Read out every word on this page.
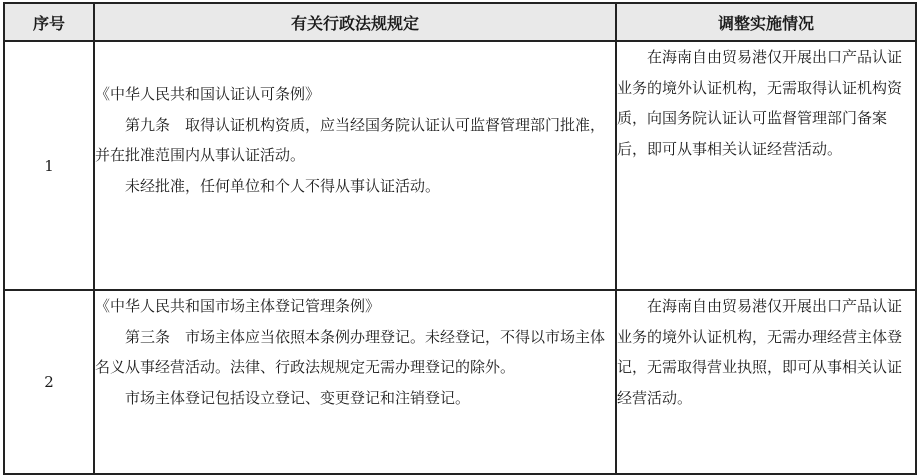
序号	有关行政法规规定	调整实施情况
1	《中华人民共和国认证认可条例》

第九条　取得认证机构资质，应当经国务院认证认可监督管理部门批准，并在批准范围内从事认证活动。

未经批准，任何单位和个人不得从事认证活动。	在海南自由贸易港仅开展出口产品认证业务的境外认证机构，无需取得认证机构资质，向国务院认证认可监督管理部门备案后，即可从事相关认证经营活动。

2	《中华人民共和国市场主体登记管理条例》

第三条　市场主体应当依照本条例办理登记。未经登记，不得以市场主体名义从事经营活动。法律、行政法规规定无需办理登记的除外。

市场主体登记包括设立登记、变更登记和注销登记。	在海南自由贸易港仅开展出口产品认证业务的境外认证机构，无需办理经营主体登记，无需取得营业执照，即可从事相关认证经营活动。
